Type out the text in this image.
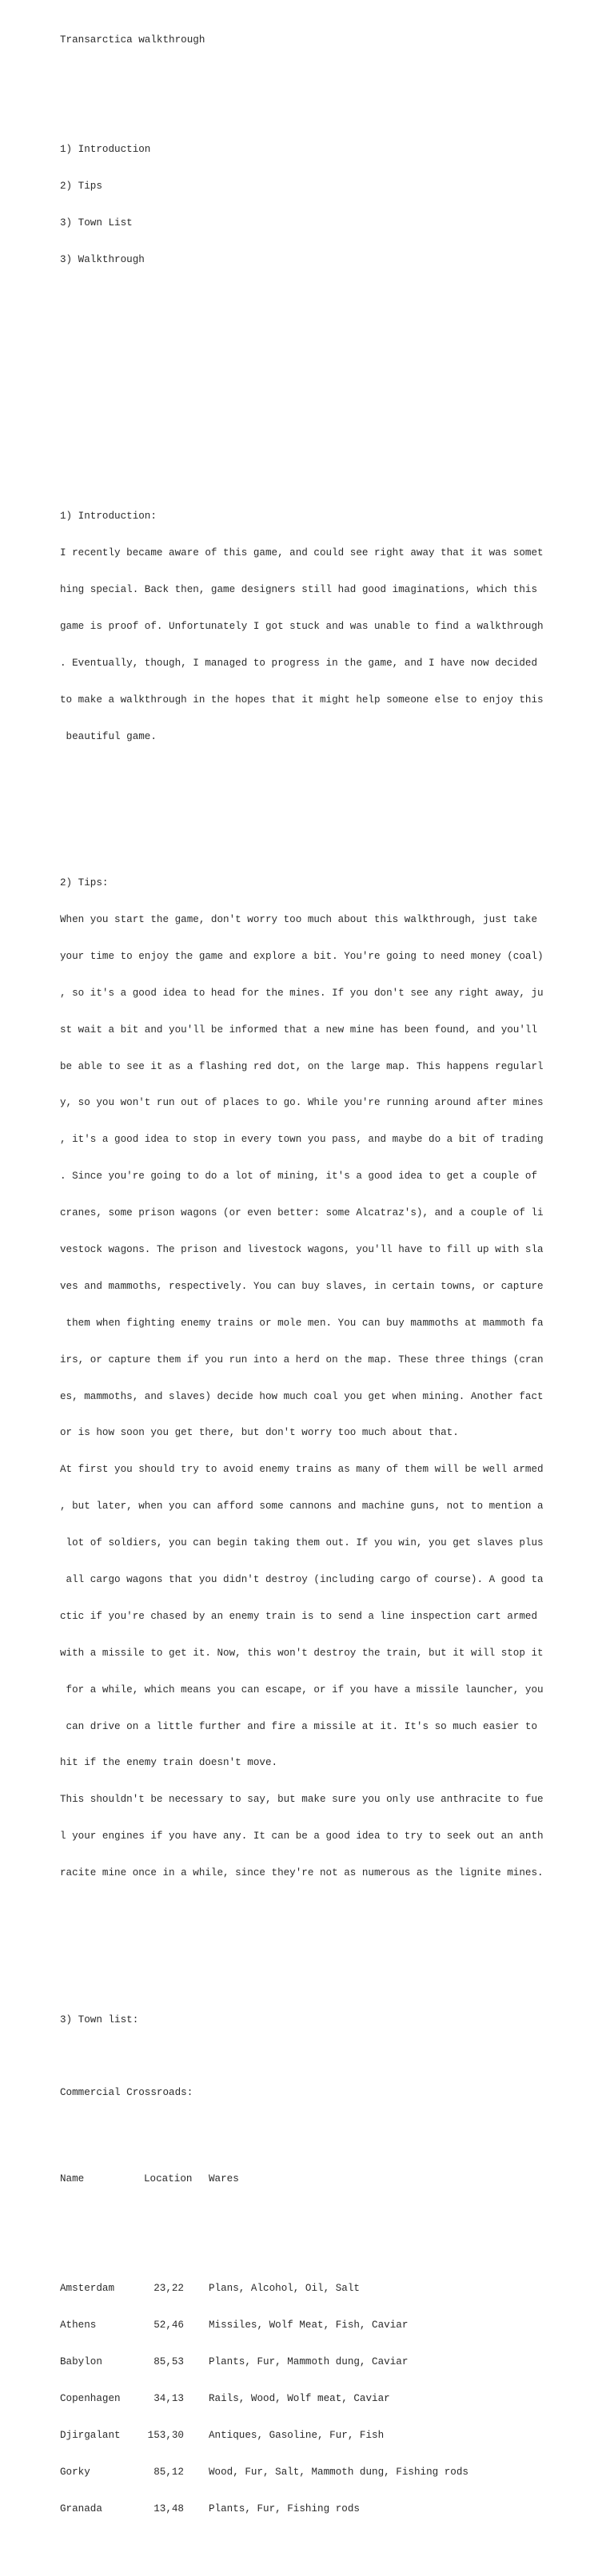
Transarctica walkthrough

1) Introduction

2) Tips

3) Town List

3) Walkthrough

1) Introduction:

I recently became aware of this game, and could see right away that it was somet

hing special. Back then, game designers still had good imaginations, which this

game is proof of. Unfortunately I got stuck and was unable to find a walkthrough

. Eventually, though, I managed to progress in the game, and I have now decided

to make a walkthrough in the hopes that it might help someone else to enjoy this

beautiful game.

2) Tips:

When you start the game, don't worry too much about this walkthrough, just take

your time to enjoy the game and explore a bit. You're going to need money (coal)

, so it's a good idea to head for the mines. If you don't see any right away, ju

st wait a bit and you'll be informed that a new mine has been found, and you'll

be able to see it as a flashing red dot, on the large map. This happens regularl

y, so you won't run out of places to go. While you're running around after mines

, it's a good idea to stop in every town you pass, and maybe do a bit of trading

. Since you're going to do a lot of mining, it's a good idea to get a couple of

cranes, some prison wagons (or even better: some Alcatraz's), and a couple of li

vestock wagons. The prison and livestock wagons, you'll have to fill up with sla

ves and mammoths, respectively. You can buy slaves, in certain towns, or capture

them when fighting enemy trains or mole men. You can buy mammoths at mammoth fa

irs, or capture them if you run into a herd on the map. These three things (cran

es, mammoths, and slaves) decide how much coal you get when mining. Another fact

or is how soon you get there, but don't worry too much about that.

At first you should try to avoid enemy trains as many of them will be well armed

, but later, when you can afford some cannons and machine guns, not to mention a

lot of soldiers, you can begin taking them out. If you win, you get slaves plus

all cargo wagons that you didn't destroy (including cargo of course). A good ta

ctic if you're chased by an enemy train is to send a line inspection cart armed

with a missile to get it. Now, this won't destroy the train, but it will stop it

for a while, which means you can escape, or if you have a missile launcher, you

can drive on a little further and fire a missile at it. It's so much easier to

hit if the enemy train doesn't move.

This shouldn't be necessary to say, but make sure you only use anthracite to fue

l your engines if you have any. It can be a good idea to try to seek out an anth

racite mine once in a while, since they're not as numerous as the lignite mines.

3) Town list:

Commercial Crossroads:

Name	Location Wares

Amsterdam	23,22 Plans, Alcohol, Oil, Salt

Athens	52,46 Missiles, Wolf Meat, Fish, Caviar

Babylon	85,53 Plants, Fur, Mammoth dung, Caviar

Copenhagen	34,13 Rails, Wood, Wolf meat, Caviar

Djirgalant	153,30 Antiques, Gasoline, Fur, Fish

Gorky	85,12 Wood, Fur, Salt, Mammoth dung, Fishing rods

Granada	13,48 Plants, Fur, Fishing rods
